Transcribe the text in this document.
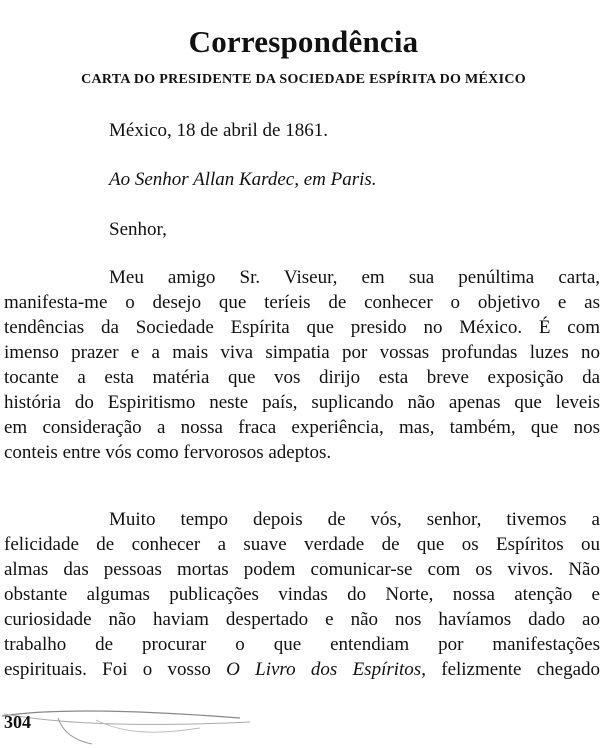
Correspondência
CARTA DO PRESIDENTE DA SOCIEDADE ESPÍRITA DO MÉXICO
México, 18 de abril de 1861.
Ao Senhor Allan Kardec, em Paris.
Senhor,
Meu amigo Sr. Viseur, em sua penúltima carta,
manifesta-me o desejo que teríeis de conhecer o objetivo e as
tendências da Sociedade Espírita que presido no México. É com
imenso prazer e a mais viva simpatia por vossas profundas luzes no
tocante a esta matéria que vos dirijo esta breve exposição da
história do Espiritismo neste país, suplicando não apenas que leveis
em consideração a nossa fraca experiência, mas, também, que nos
conteis entre vós como fervorosos adeptos.
Muito tempo depois de vós, senhor, tivemos a
felicidade de conhecer a suave verdade de que os Espíritos ou
almas das pessoas mortas podem comunicar-se com os vivos. Não
obstante algumas publicações vindas do Norte, nossa atenção e
curiosidade não haviam despertado e não nos havíamos dado ao
trabalho de procurar o que entendiam por manifestações
espirituais. Foi o vosso O Livro dos Espíritos, felizmente chegado
304
